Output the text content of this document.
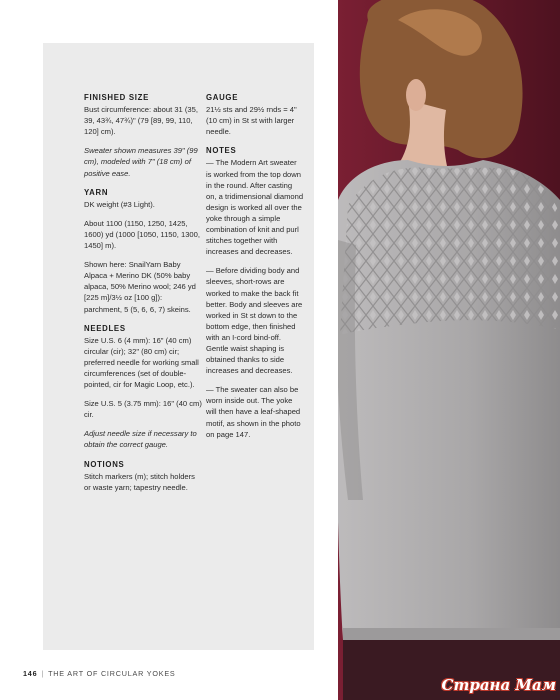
FINISHED SIZE

Bust circumference: about 31 (35, 39, 43¾, 47¾)" (79 [89, 99, 110, 120] cm).

Sweater shown measures 39" (99 cm), modeled with 7" (18 cm) of positive ease.

YARN

DK weight (#3 Light).

About 1100 (1150, 1250, 1425, 1600) yd (1000 [1050, 1150, 1300, 1450] m).

Shown here: SnailYarn Baby Alpaca + Merino DK (50% baby alpaca, 50% Merino wool; 246 yd [225 m]/3½ oz [100 g]): parchment, 5 (5, 6, 6, 7) skeins.

NEEDLES

Size U.S. 6 (4 mm): 16" (40 cm) circular (cir); 32" (80 cm) cir; preferred needle for working small circumferences (set of double-pointed, cir for Magic Loop, etc.).

Size U.S. 5 (3.75 mm): 16" (40 cm) cir.

Adjust needle size if necessary to obtain the correct gauge.

NOTIONS

Stitch markers (m); stitch holders or waste yarn; tapestry needle.

GAUGE

21½ sts and 29½ rnds = 4" (10 cm) in St st with larger needle.

NOTES

— The Modern Art sweater is worked from the top down in the round. After casting on, a tridimensional diamond design is worked all over the yoke through a simple combination of knit and purl stitches together with increases and decreases.

— Before dividing body and sleeves, short-rows are worked to make the back fit better. Body and sleeves are worked in St st down to the bottom edge, then finished with an I-cord bind-off. Gentle waist shaping is obtained thanks to side increases and decreases.

— The sweater can also be worn inside out. The yoke will then have a leaf-shaped motif, as shown in the photo on page 147.

146 | THE ART OF CIRCULAR YOKES
Страна Мам
